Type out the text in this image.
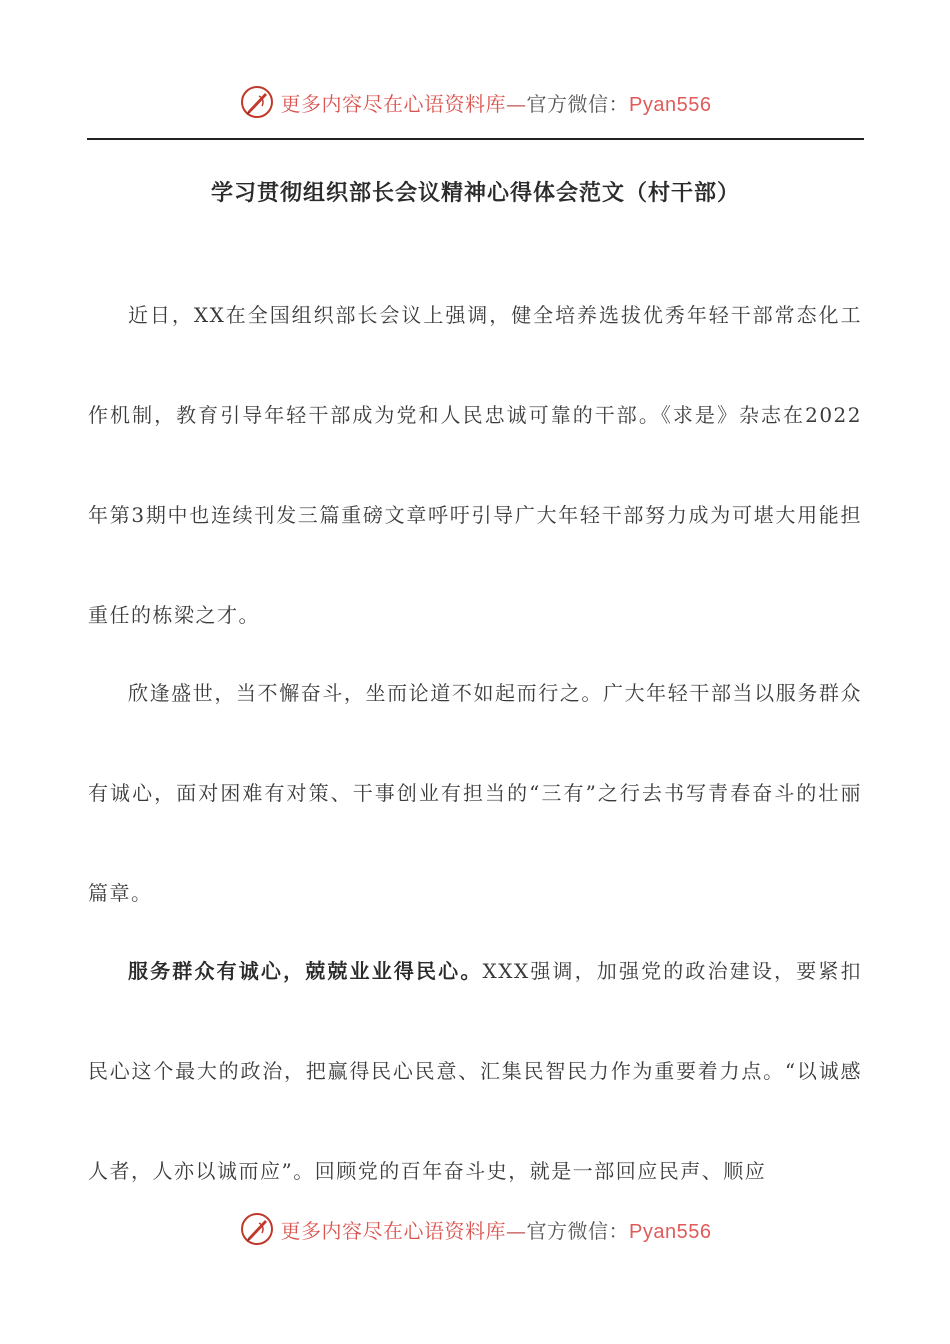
更多内容尽在心语资料库—官方微信：Pyan556
学习贯彻组织部长会议精神心得体会范文（村干部）

近日，XX在全国组织部长会议上强调，健全培养选拔优秀年轻干部常态化工作机制，教育引导年轻干部成为党和人民忠诚可靠的干部。《求是》杂志在2022年第3期中也连续刊发三篇重磅文章呼吁引导广大年轻干部努力成为可堪大用能担重任的栋梁之才。

欣逢盛世，当不懈奋斗，坐而论道不如起而行之。广大年轻干部当以服务群众有诚心，面对困难有对策、干事创业有担当的“三有”之行去书写青春奋斗的壮丽篇章。

服务群众有诚心，兢兢业业得民心。XXX强调，加强党的政治建设，要紧扣民心这个最大的政治，把赢得民心民意、汇集民智民力作为重要着力点。“以诚感人者，人亦以诚而应”。回顾党的百年奋斗史，就是一部回应民声、顺应

更多内容尽在心语资料库—官方微信：Pyan556
